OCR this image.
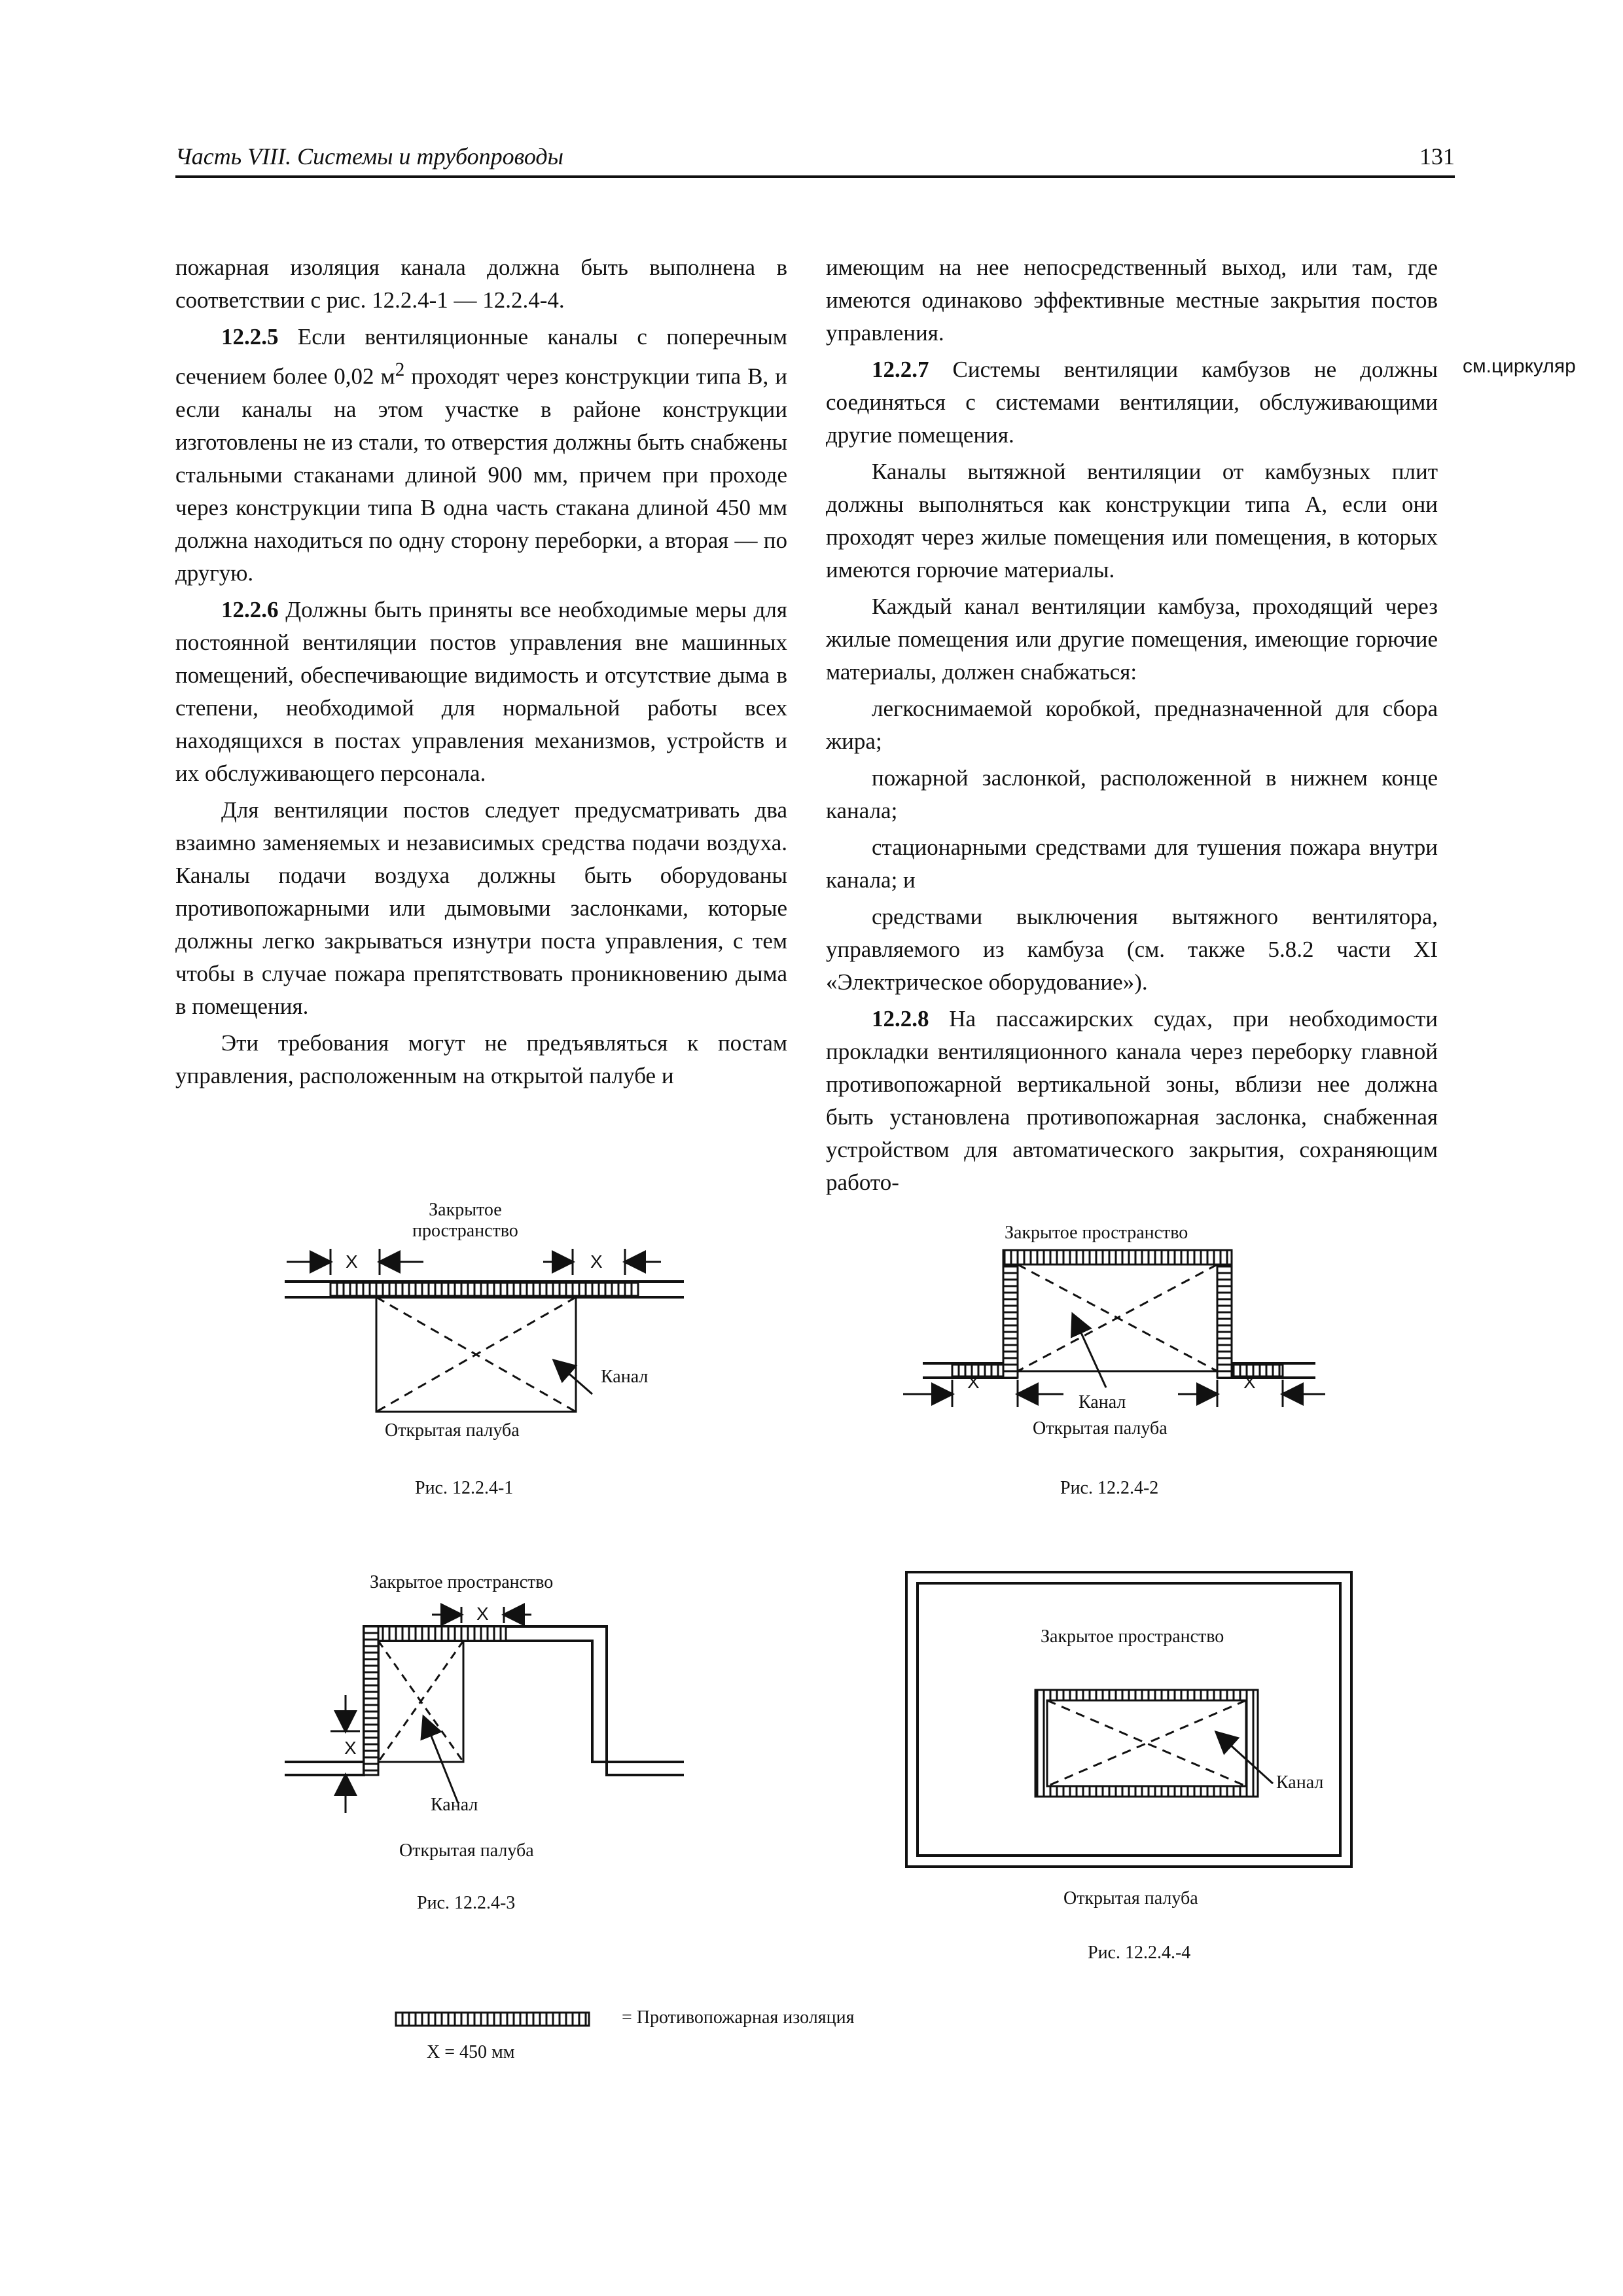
Часть VIII. Системы и трубопроводы	131

пожарная изоляция канала должна быть выполнена в соответствии с рис. 12.2.4-1 — 12.2.4-4.

12.2.5 Если вентиляционные каналы с поперечным сечением более 0,02 $м^2$ проходят через конструкции типа B, и если каналы на этом участке в районе конструкции изготовлены не из стали, то отверстия должны быть снабжены стальными стаканами длиной 900 мм, причем при проходе через конструкции типа B одна часть стакана длиной 450 мм должна находиться по одну сторону переборки, а вторая — по другую.

12.2.6 Должны быть приняты все необходимые меры для постоянной вентиляции постов управления вне машинных помещений, обеспечивающие видимость и отсутствие дыма в степени, необходимой для нормальной работы всех находящихся в постах управления механизмов, устройств и их обслуживающего персонала.

Для вентиляции постов следует предусматривать два взаимно заменяемых и независимых средства подачи воздуха. Каналы подачи воздуха должны быть оборудованы противопожарными или дымовыми заслонками, которые должны легко закрываться изнутри поста управления, с тем чтобы в случае пожара препятствовать проникновению дыма в помещения.

Эти требования могут не предъявляться к постам управления, расположенным на открытой палубе и

имеющим на нее непосредственный выход, или там, где имеются одинаково эффективные местные закрытия постов управления.

12.2.7 Системы вентиляции камбузов не должны соединяться с системами вентиляции, обслуживающими другие помещения.

Каналы вытяжной вентиляции от камбузных плит должны выполняться как конструкции типа А, если они проходят через жилые помещения или помещения, в которых имеются горючие материалы.

Каждый канал вентиляции камбуза, проходящий через жилые помещения или другие помещения, имеющие горючие материалы, должен снабжаться:

легкоснимаемой коробкой, предназначенной для сбора жира;

пожарной заслонкой, расположенной в нижнем конце канала;

стационарными средствами для тушения пожара внутри канала; и

средствами выключения вытяжного вентилятора, управляемого из камбуза (см. также 5.8.2 части XI «Электрическое оборудование»).

12.2.8 На пассажирских судах, при необходимости прокладки вентиляционного канала через переборку главной противопожарной вертикальной зоны, вблизи нее должна быть установлена противопожарная заслонка, снабженная устройством для автоматического закрытия, сохраняющим работо-

см.циркуляр
Закрытое
пространство
X	X
Канал
Открытая палуба
Рис. 12.2.4-1
Закрытое пространство
X	X
Канал
Открытая палуба
Рис. 12.2.4-2
Закрытое пространство
X
X
Канал
Открытая палуба
Рис. 12.2.4-3
Закрытое пространство
Канал
Открытая палуба
Рис. 12.2.4.-4
= Противопожарная изоляция
X = 450 мм
